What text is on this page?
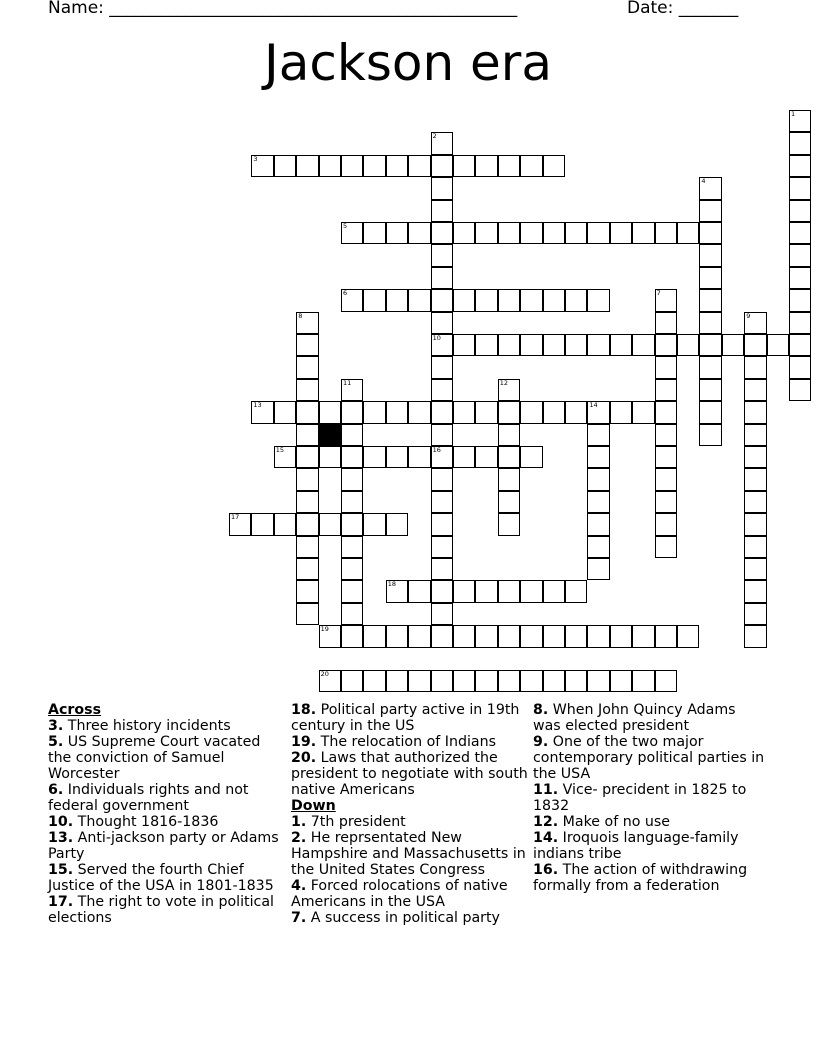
Name: ________________________________________________	Date: _______
Jackson era
1
2
10
16
3
4
5
6	7
8	9
11	12
13	14
15
17
18
19
20
Across
3. Three history incidents
5. US Supreme Court vacated the conviction of Samuel Worcester
6. Individuals rights and not federal government
10. Thought 1816-1836
13. Anti-jackson party or Adams Party
15. Served the fourth Chief Justice of the USA in 1801-1835
17. The right to vote in political elections
18. Political party active in 19th century in the US
19. The relocation of Indians
20. Laws that authorized the president to negotiate with south native Americans
Down
1. 7th president
2. He reprsentated New Hampshire and Massachusetts in the United States Congress
4. Forced rolocations of native Americans in the USA
7. A success in political party
8. When John Quincy Adams was elected president
9. One of the two major contemporary political parties in the USA
11. Vice- precident in 1825 to 1832
12. Make of no use
14. Iroquois language-family indians tribe
16. The action of withdrawing formally from a federation
